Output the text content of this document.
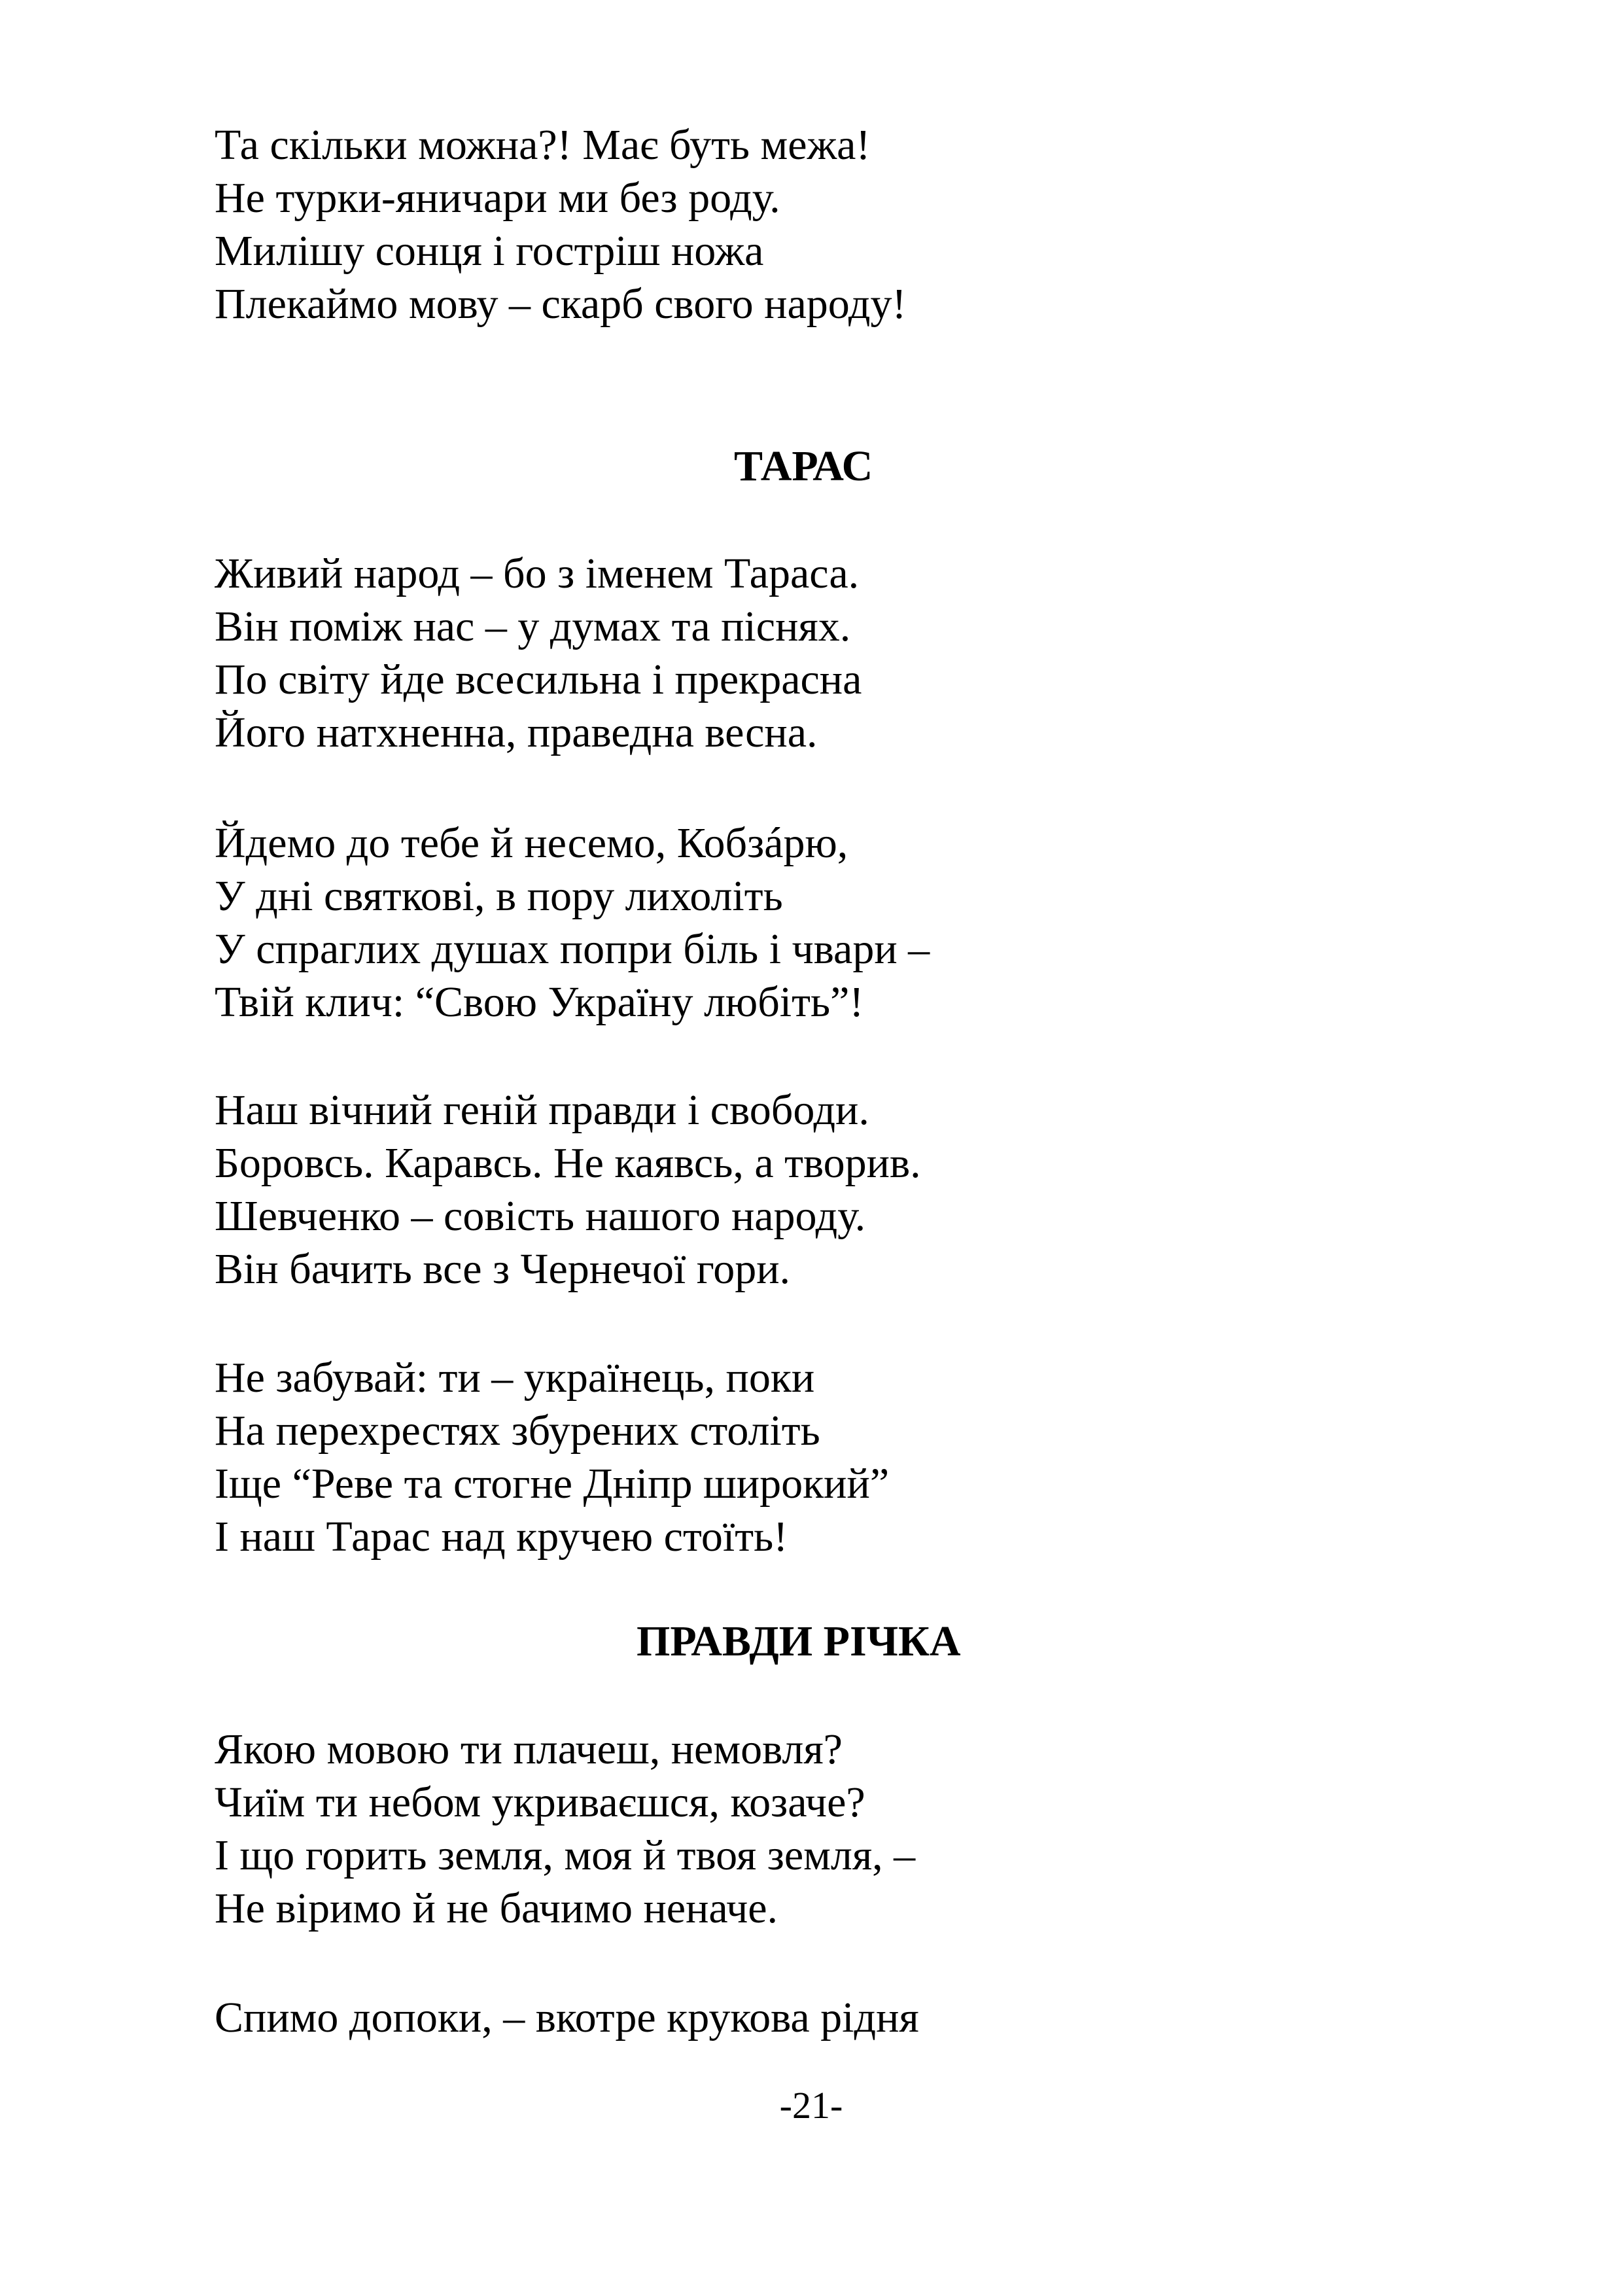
Та скільки можна?! Має буть межа!

Не турки-яничари ми без роду.

Милішу сонця і гостріш ножа

Плекаймо мову – скарб свого народу!

ТАРАС

Живий народ – бо з іменем Тараса.

Він поміж нас – у думах та піснях.

По світу йде всесильна і прекрасна

Його натхненна, праведна весна.

Йдемо до тебе й несемо, Кобзáрю,

У дні святкові, в пору лихоліть

У спраглих душах попри біль і чвари –

Твій клич: “Свою Україну любіть”!

Наш вічний геній правди і свободи.

Боровсь. Каравсь. Не каявсь, а творив.

Шевченко – совість нашого народу.

Він бачить все з Чернечої гори.

Не забувай: ти – українець, поки

На перехрестях збурених століть

Іще “Реве та стогне Дніпр широкий”

І наш Тарас над кручею стоїть!

ПРАВДИ РІЧКА

Якою мовою ти плачеш, немовля?

Чиїм ти небом укриваєшся, козаче?

І що горить земля, моя й твоя земля, –

Не віримо й не бачимо неначе.

Спимо допоки, – вкотре крукова рідня

-21-
